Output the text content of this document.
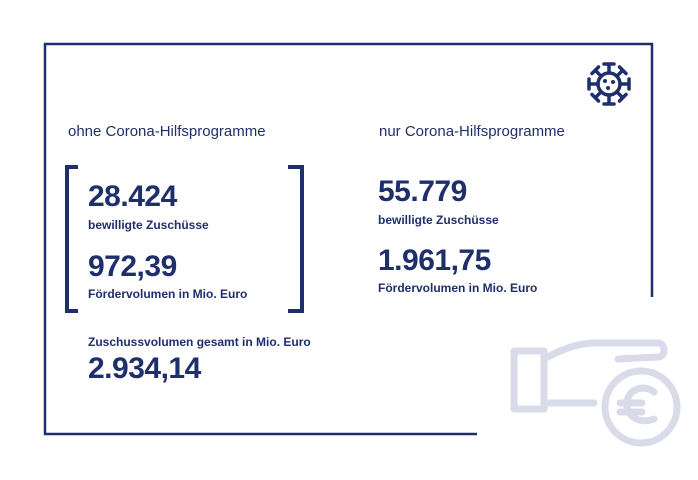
ohne Corona-Hilfsprogramme
28.424
bewilligte Zuschüsse
972,39
Fördervolumen in Mio. Euro
nur Corona-Hilfsprogramme
55.779
bewilligte Zuschüsse
1.961,75
Fördervolumen in Mio. Euro
Zuschussvolumen gesamt in Mio. Euro
2.934,14
